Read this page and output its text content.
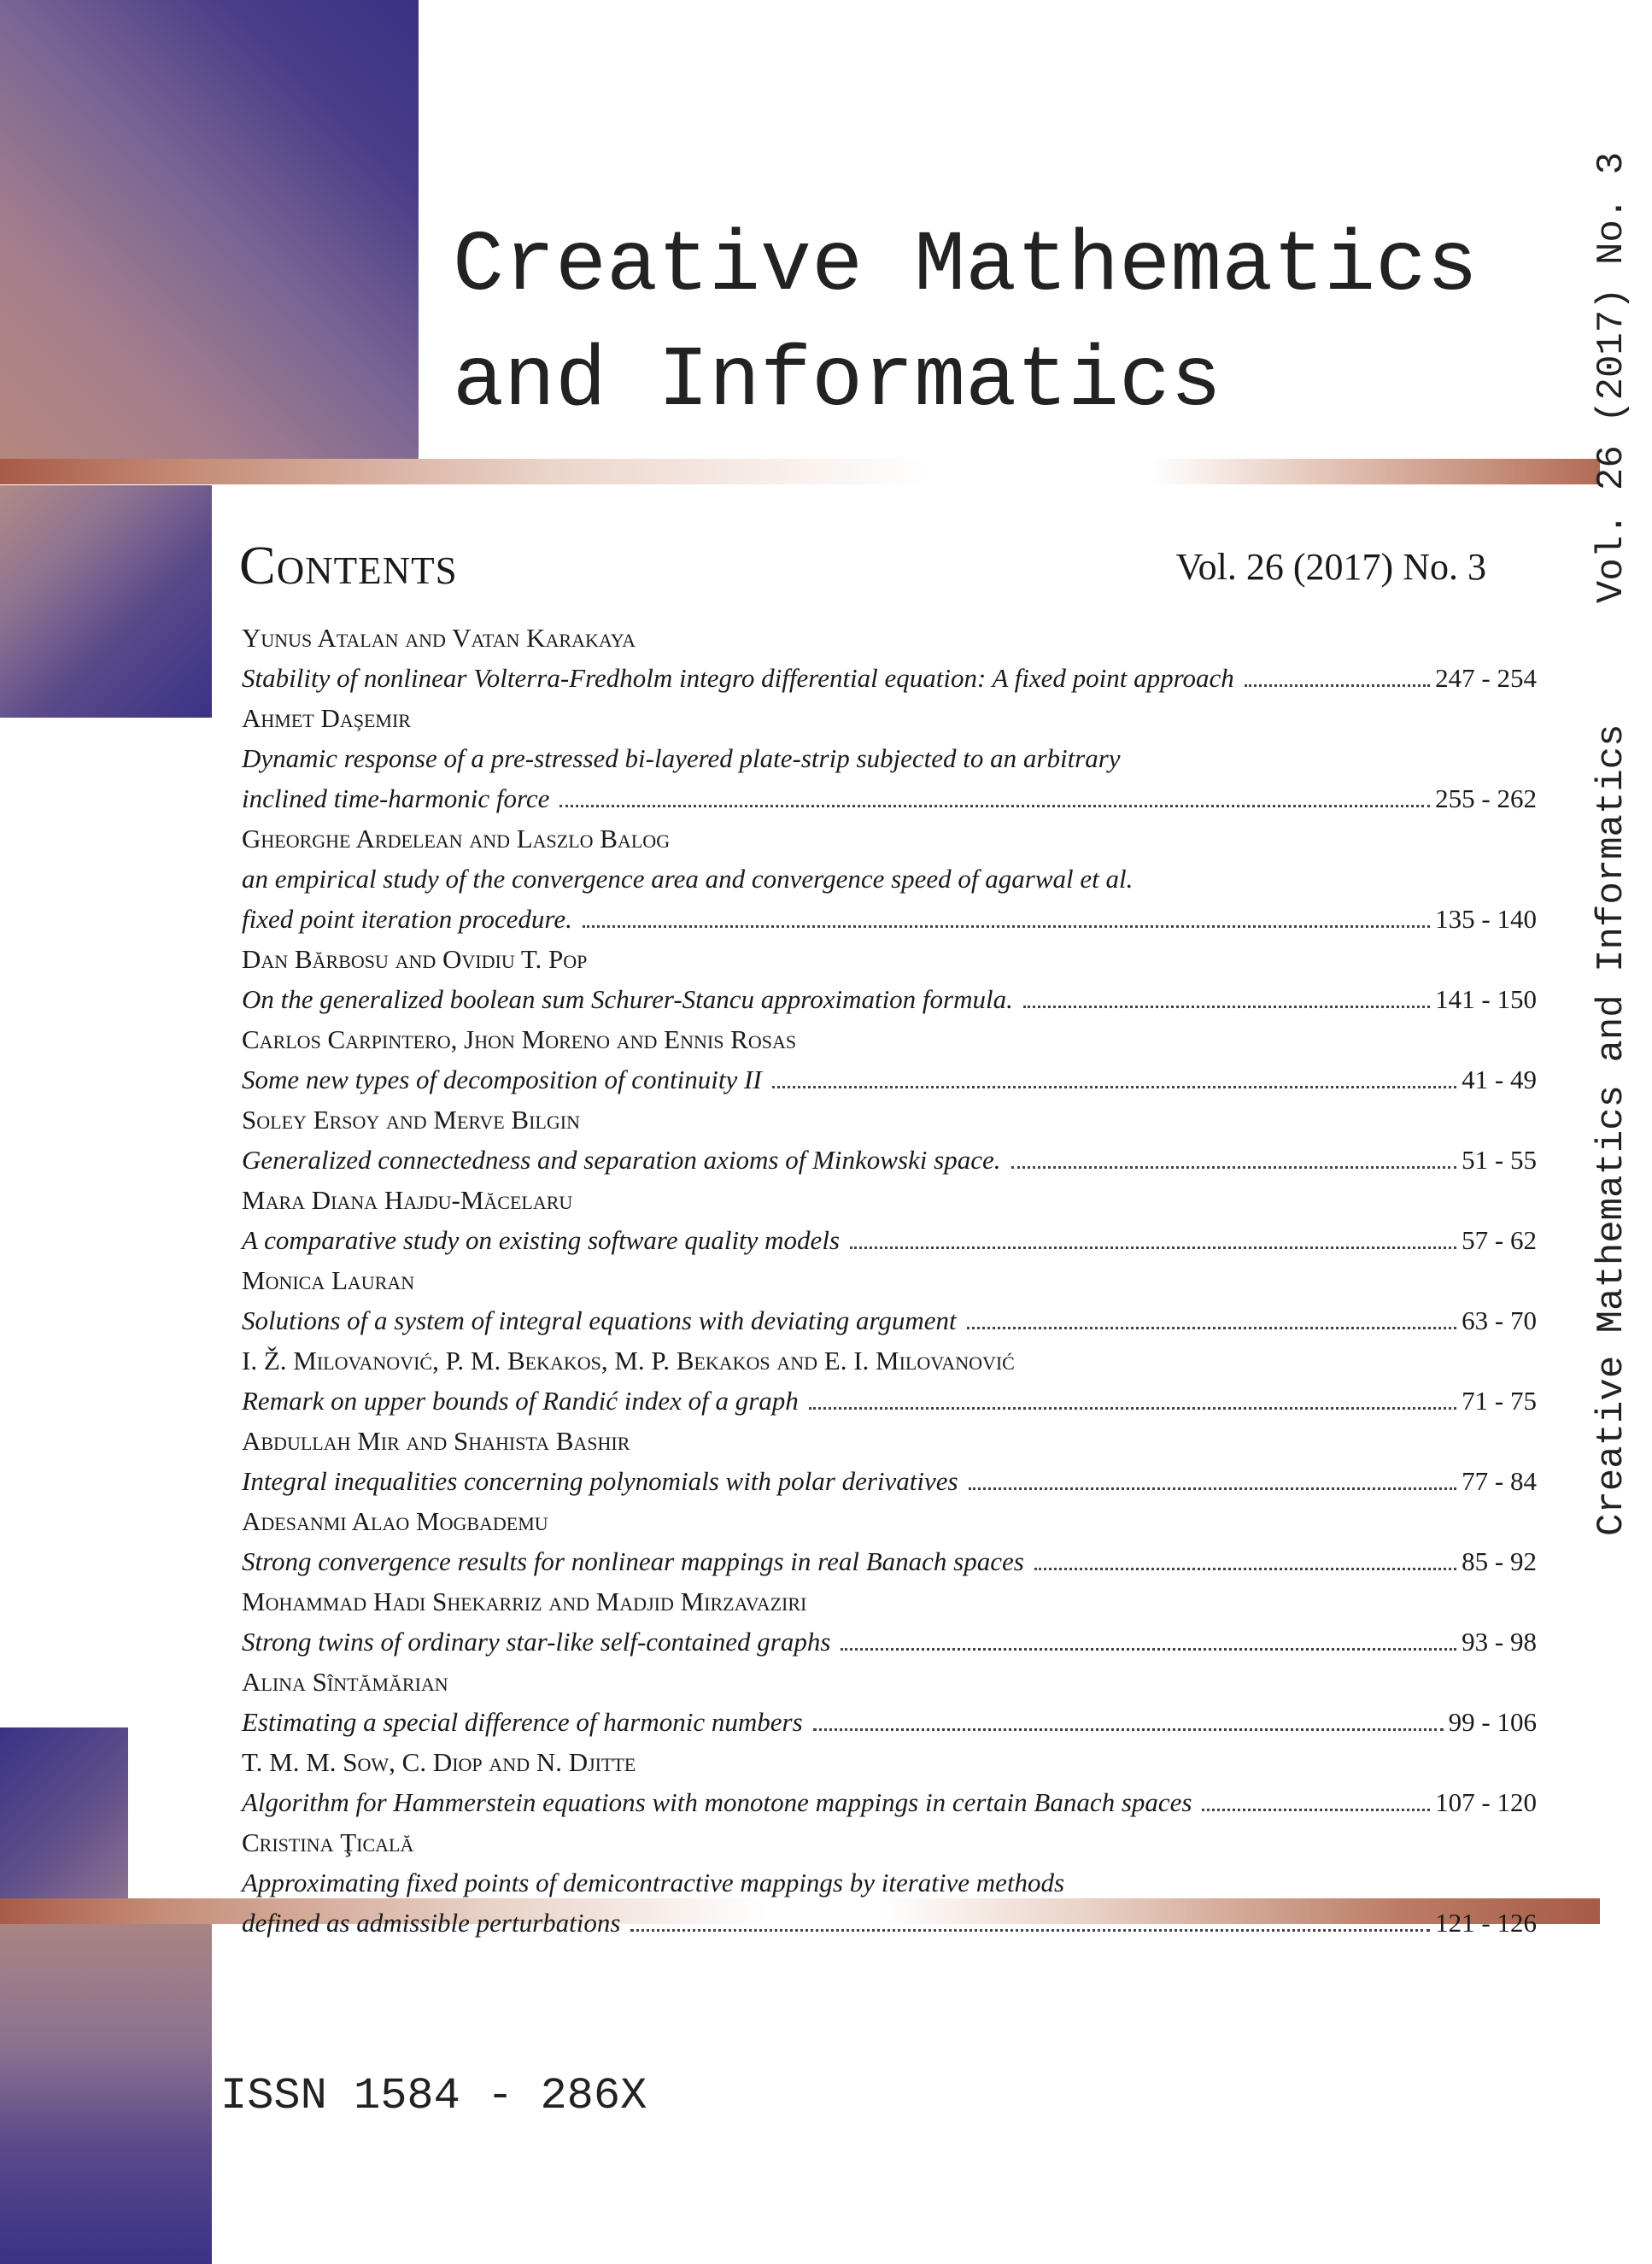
Creative Mathematics
and Informatics
Creative Mathematics and Informatics
Vol. 26 (2017) No. 3
Contents	Vol. 26 (2017) No. 3
Yunus Atalan and Vatan Karakaya
Stability of nonlinear Volterra-Fredholm integro differential equation: A fixed point approach	247 - 254
Ahmet Daşemir
Dynamic response of a pre-stressed bi-layered plate-strip subjected to an arbitrary
inclined time-harmonic force	255 - 262
Gheorghe Ardelean and Laszlo Balog
an empirical study of the convergence area and convergence speed of agarwal et al.
fixed point iteration procedure.	135 - 140
Dan Bărbosu and Ovidiu T. Pop
On the generalized boolean sum Schurer-Stancu approximation formula.	141 - 150
Carlos Carpintero, Jhon Moreno and Ennis Rosas
Some new types of decomposition of continuity II	41 - 49
Soley Ersoy and Merve Bilgin
Generalized connectedness and separation axioms of Minkowski space.	51 - 55
Mara Diana Hajdu-Măcelaru
A comparative study on existing software quality models	57 - 62
Monica Lauran
Solutions of a system of integral equations with deviating argument	63 - 70
I. Ž. Milovanović, P. M. Bekakos, M. P. Bekakos and E. I. Milovanović
Remark on upper bounds of Randić index of a graph	71 - 75
Abdullah Mir and Shahista Bashir
Integral inequalities concerning polynomials with polar derivatives	77 - 84
Adesanmi Alao Mogbademu
Strong convergence results for nonlinear mappings in real Banach spaces	85 - 92
Mohammad Hadi Shekarriz and Madjid Mirzavaziri
Strong twins of ordinary star-like self-contained graphs	93 - 98
Alina Sîntămărian
Estimating a special difference of harmonic numbers	99 - 106
T. M. M. Sow, C. Diop and N. Djitte
Algorithm for Hammerstein equations with monotone mappings in certain Banach spaces	107 - 120
Cristina Ţicală
Approximating fixed points of demicontractive mappings by iterative methods
defined as admissible perturbations	121 - 126
ISSN 1584 - 286X
